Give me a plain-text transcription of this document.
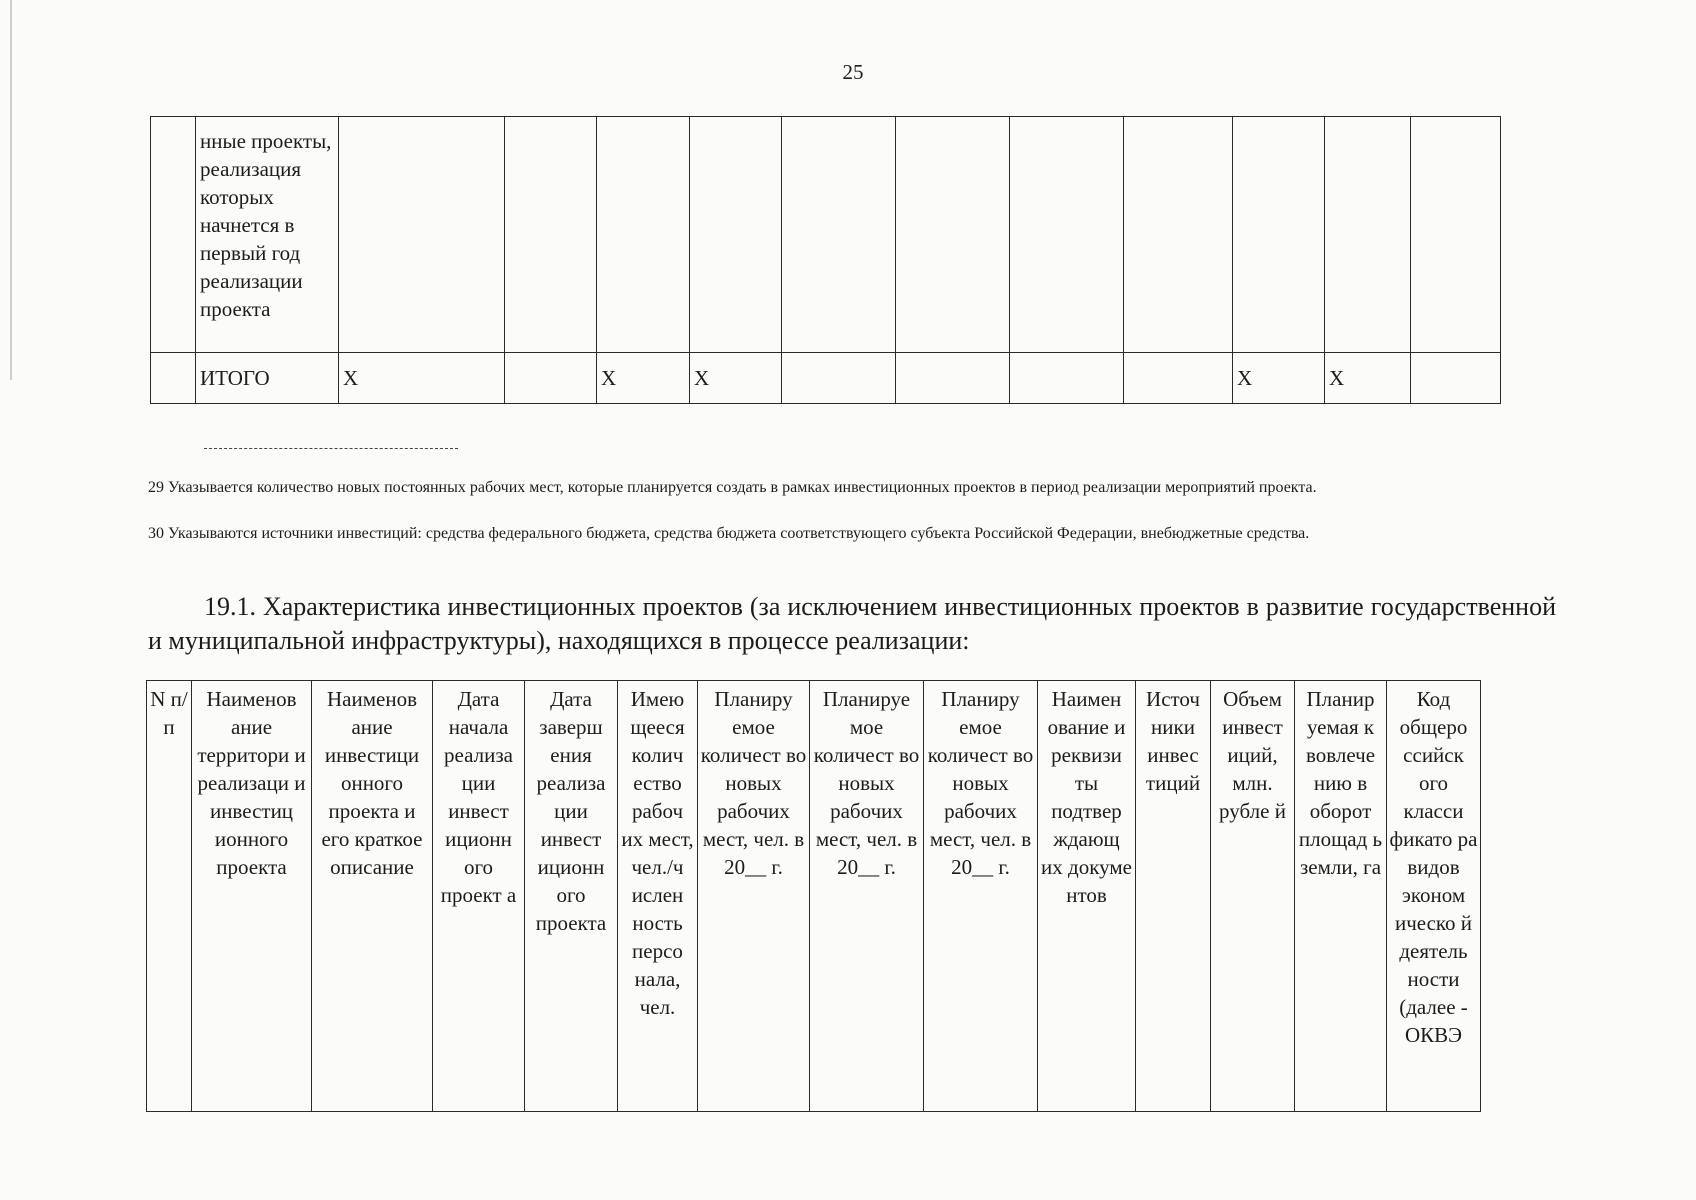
25
	нные проекты, реализация которых начнется в первый год реализации проекта											
	ИТОГО	Х		Х	Х					Х	Х	
29 Указывается количество новых постоянных рабочих мест, которые планируется создать в рамках инвестиционных проектов в период реализации мероприятий проекта.
30 Указываются источники инвестиций: средства федерального бюджета, средства бюджета соответствующего субъекта Российской Федерации, внебюджетные средства.
19.1. Характеристика инвестиционных проектов (за исключением инвестиционных проектов в развитие государственной и муниципальной инфраструктуры), находящихся в процессе реализации:
N п/п	Наименов ание территори и реализаци и инвестиц ионного проекта	Наименов ание инвестици онного проекта и его краткое описание	Дата начала реализа ции инвест иционн ого проект а	Дата заверш ения реализа ции инвест иционн ого проекта	Имею щееся колич ество рабоч их мест, чел./ч ислен ность персо нала, чел.	Планиру емое количест во новых рабочих мест, чел. в 20__ г.	Планируе мое количест во новых рабочих мест, чел. в 20__ г.	Планиру емое количест во новых рабочих мест, чел. в 20__ г.	Наимен ование и реквизи ты подтвер ждающ их докуме нтов	Источ ники инвес тиций	Объем инвест иций, млн. рубле й	Планир уемая к вовлече нию в оборот площад ь земли, га	Код общеро ссийск ого класси фикато ра видов эконом ическо й деятель ности (далее - ОКВЭ
